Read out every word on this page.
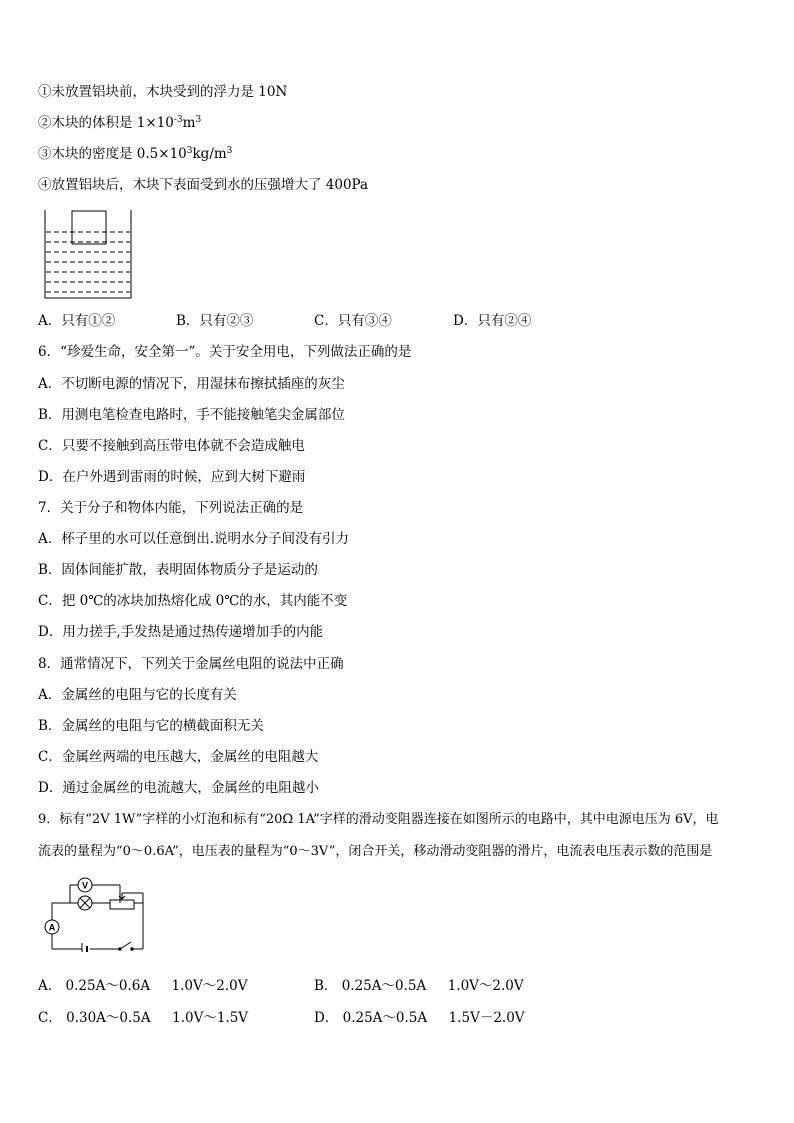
①未放置铝块前，木块受到的浮力是 10N
②木块的体积是 $1\times 10^{-3}m^3$
③木块的密度是 $0.5\times 10^3kg/m^3$
④放置铝块后，木块下表面受到水的压强增大了 400Pa
A．只有①②	B．只有②③	C．只有③④	D．只有②④
6．“珍爱生命，安全第一”。关于安全用电，下列做法正确的是
A．不切断电源的情况下，用湿抹布擦拭插座的灰尘
B．用测电笔检查电路时，手不能接触笔尖金属部位
C．只要不接触到高压带电体就不会造成触电
D．在户外遇到雷雨的时候，应到大树下避雨
7．关于分子和物体内能，下列说法正确的是
A．杯子里的水可以任意倒出.说明水分子间没有引力
B．固体间能扩散，表明固体物质分子是运动的
C．把 0℃的冰块加热熔化成 0℃的水，其内能不变
D．用力搓手,手发热是通过热传递增加手的内能
8．通常情况下，下列关于金属丝电阻的说法中正确
A．金属丝的电阻与它的长度有关
B．金属丝的电阻与它的横截面积无关
C．金属丝两端的电压越大，金属丝的电阻越大
D．通过金属丝的电流越大，金属丝的电阻越小
9．标有“2V 1W”字样的小灯泡和标有“20Ω 1A”字样的滑动变阻器连接在如图所示的电路中，其中电源电压为 6V，电
流表的量程为“0～0.6A”，电压表的量程为“0～3V”，闭合开关，移动滑动变阻器的滑片，电流表电压表示数的范围是
V
A
A． 0.25A～0.6A     1.0V～2.0V	B． 0.25A～0.5A     1.0V～2.0V
C． 0.30A～0.5A     1.0V～1.5V	D． 0.25A～0.5A     1.5V－2.0V
